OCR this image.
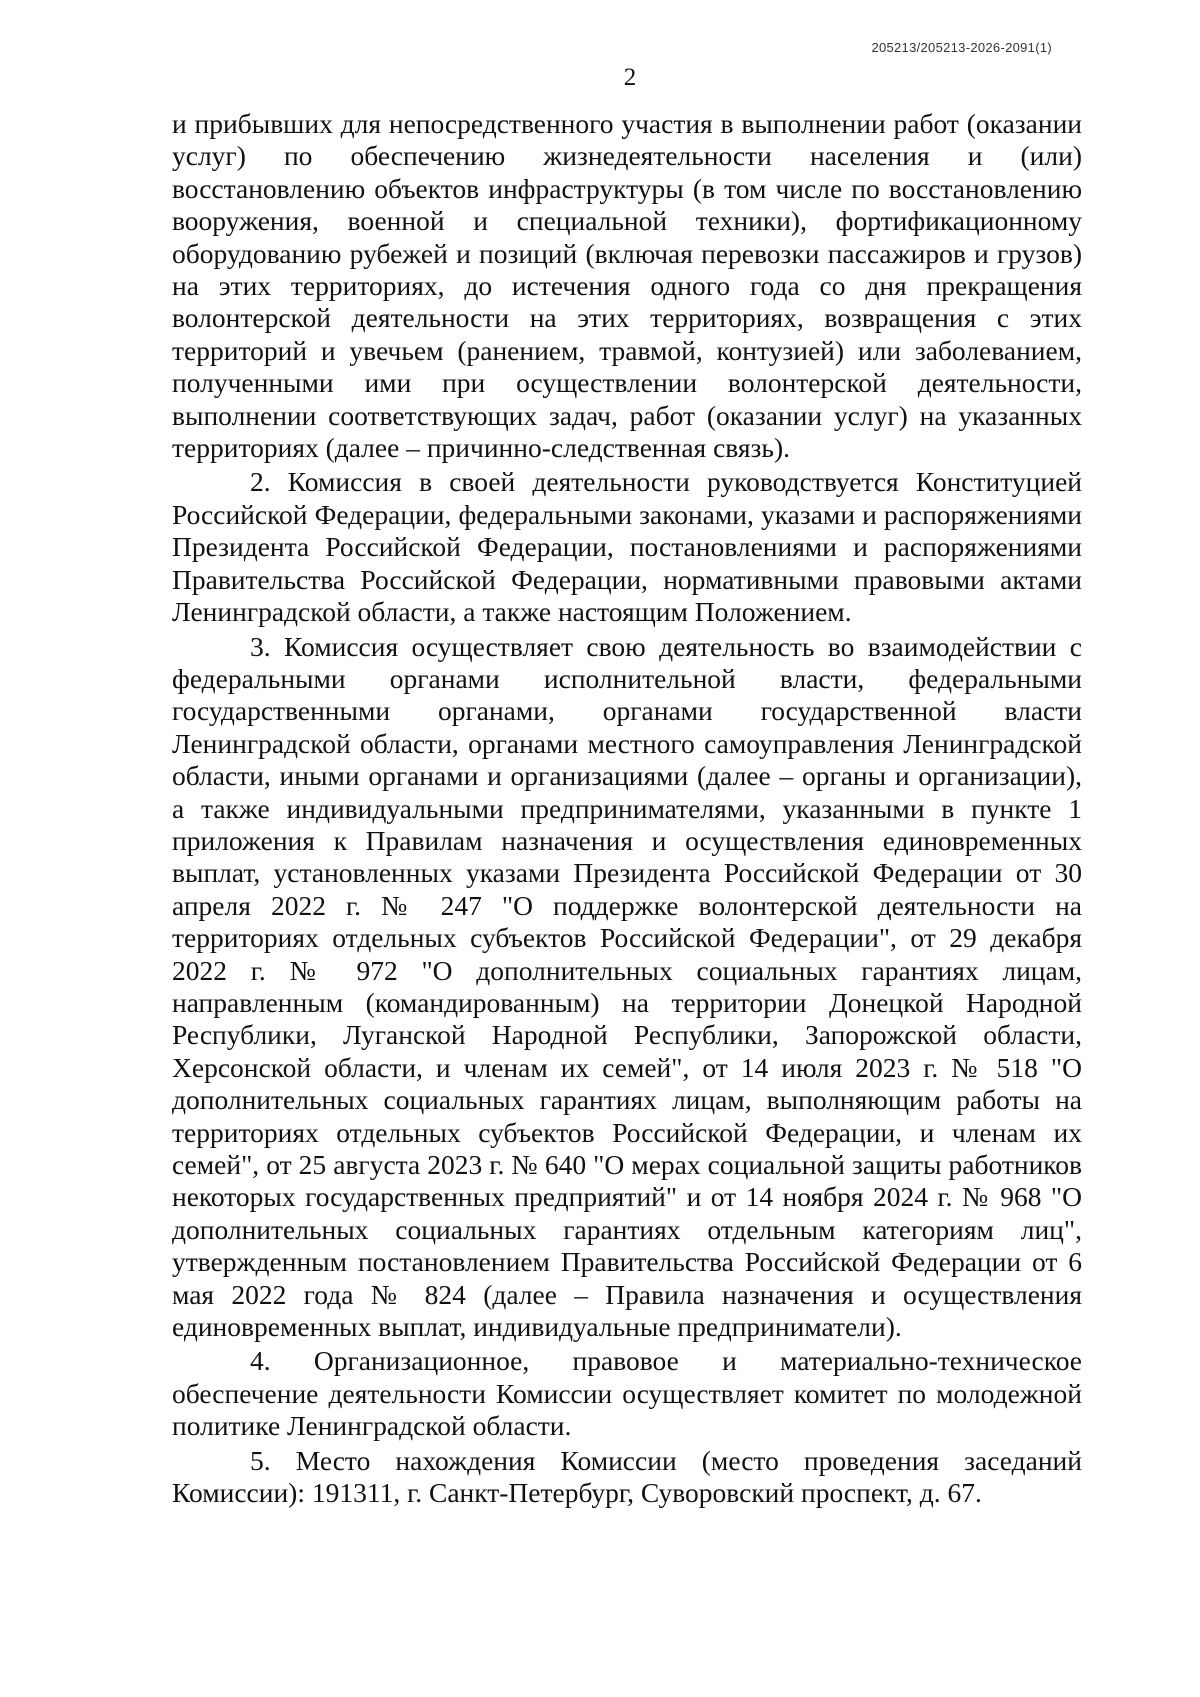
205213/205213-2026-2091(1)
2

и прибывших для непосредственного участия в выполнении работ (оказании услуг) по обеспечению жизнедеятельности населения и (или) восстановлению объектов инфраструктуры (в том числе по восстановлению вооружения, военной и специальной техники), фортификационному оборудованию рубежей и позиций (включая перевозки пассажиров и грузов) на этих территориях, до истечения одного года со дня прекращения волонтерской деятельности на этих территориях, возвращения с этих территорий и увечьем (ранением, травмой, контузией) или заболеванием, полученными ими при осуществлении волонтерской деятельности, выполнении соответствующих задач, работ (оказании услуг) на указанных территориях (далее – причинно-следственная связь).

2. Комиссия в своей деятельности руководствуется Конституцией Российской Федерации, федеральными законами, указами и распоряжениями Президента Российской Федерации, постановлениями и распоряжениями Правительства Российской Федерации, нормативными правовыми актами Ленинградской области, а также настоящим Положением.

3. Комиссия осуществляет свою деятельность во взаимодействии с федеральными органами исполнительной власти, федеральными государственными органами, органами государственной власти Ленинградской области, органами местного самоуправления Ленинградской области, иными органами и организациями (далее – органы и организации), а также индивидуальными предпринимателями, указанными в пункте 1 приложения к Правилам назначения и осуществления единовременных выплат, установленных указами Президента Российской Федерации от 30 апреля 2022 г. № 247 "О поддержке волонтерской деятельности на территориях отдельных субъектов Российской Федерации", от 29 декабря 2022 г. № 972 "О дополнительных социальных гарантиях лицам, направленным (командированным) на территории Донецкой Народной Республики, Луганской Народной Республики, Запорожской области, Херсонской области, и членам их семей", от 14 июля 2023 г. № 518 "О дополнительных социальных гарантиях лицам, выполняющим работы на территориях отдельных субъектов Российской Федерации, и членам их семей", от 25 августа 2023 г. № 640 "О мерах социальной защиты работников некоторых государственных предприятий" и от 14 ноября 2024 г. № 968 "О дополнительных социальных гарантиях отдельным категориям лиц", утвержденным постановлением Правительства Российской Федерации от 6 мая 2022 года № 824 (далее – Правила назначения и осуществления единовременных выплат, индивидуальные предприниматели).

4. Организационное, правовое и материально-техническое обеспечение деятельности Комиссии осуществляет комитет по молодежной политике Ленинградской области.

5. Место нахождения Комиссии (место проведения заседаний Комиссии): 191311, г. Санкт-Петербург, Суворовский проспект, д. 67.
